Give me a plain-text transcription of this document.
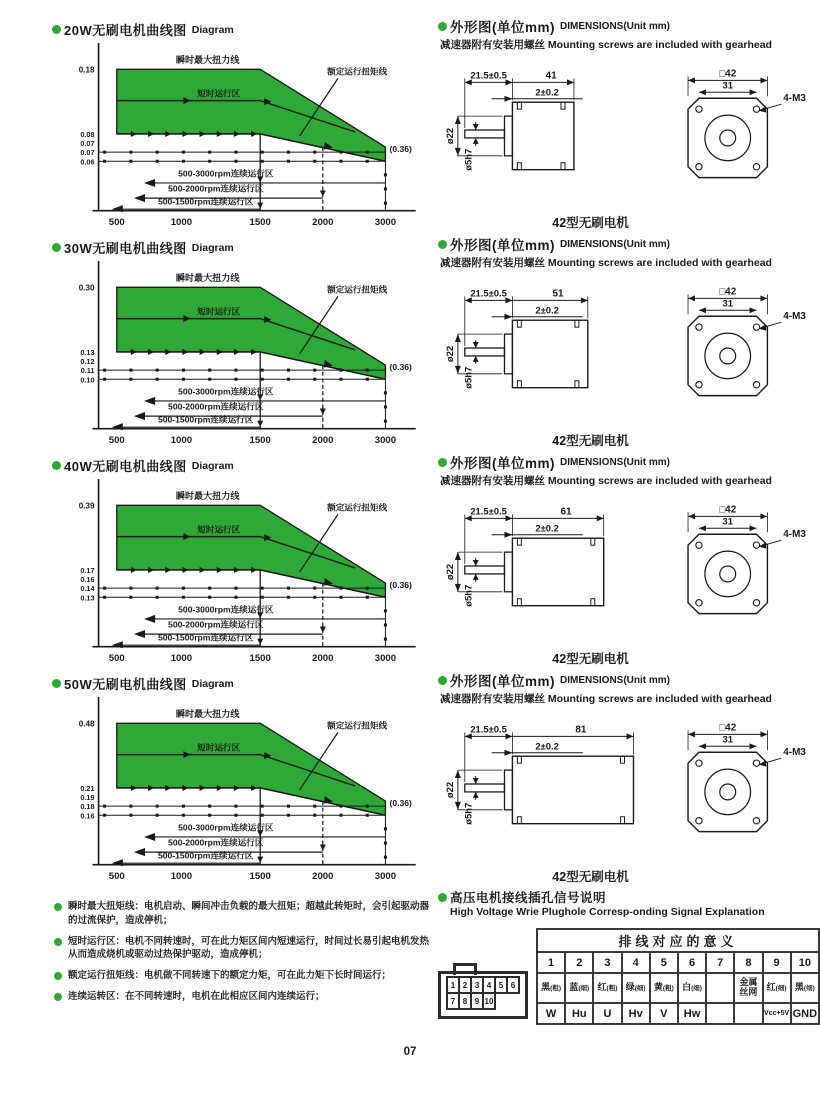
20W无刷电机曲线图 Diagram
瞬时最大扭力线
短时运行区
额定运行扭矩线
(0.36)
500-3000rpm连续运行区
500-2000rpm连续运行区
500-1500rpm连续运行区
0.18
0.08
0.07
0.07
0.06
500	1000	1500	2000	3000
30W无刷电机曲线图 Diagram
瞬时最大扭力线
短时运行区
额定运行扭矩线
(0.36)
500-3000rpm连续运行区
500-2000rpm连续运行区
500-1500rpm连续运行区
0.30
0.13
0.12
0.11
0.10
500	1000	1500	2000	3000
40W无刷电机曲线图 Diagram
瞬时最大扭力线
短时运行区
额定运行扭矩线
(0.36)
500-3000rpm连续运行区
500-2000rpm连续运行区
500-1500rpm连续运行区
0.39
0.17
0.16
0.14
0.13
500	1000	1500	2000	3000
50W无刷电机曲线图 Diagram
瞬时最大扭力线
短时运行区
额定运行扭矩线
(0.36)
500-3000rpm连续运行区
500-2000rpm连续运行区
500-1500rpm连续运行区
0.48
0.21
0.19
0.18
0.16
500	1000	1500	2000	3000
瞬时最大扭矩线：电机启动、瞬间冲击负载的最大扭矩；超越此转矩时，会引起驱动器的过流保护，造成停机；
短时运行区：电机不同转速时，可在此力矩区间内短速运行，时间过长易引起电机发热从而造成烧机或驱动过热保护驱动，造成停机；
额定运行扭矩线：电机做不同转速下的额定力矩，可在此力矩下长时间运行；
连续运转区：在不同转速时，电机在此相应区间内连续运行；
外形图(单位mm) DIMENSIONS(Unit mm)
减速器附有安装用螺丝 Mounting screws are included with gearhead
21.5±0.5	41
2±0.2
ø22
ø5h7
□42
31
4-M3
42型无刷电机
外形图(单位mm) DIMENSIONS(Unit mm)
减速器附有安装用螺丝 Mounting screws are included with gearhead
21.5±0.5	51
2±0.2
ø22
ø5h7
□42
31
4-M3
42型无刷电机
外形图(单位mm) DIMENSIONS(Unit mm)
减速器附有安装用螺丝 Mounting screws are included with gearhead
21.5±0.5	61
2±0.2
ø22
ø5h7
□42
31
4-M3
42型无刷电机
外形图(单位mm) DIMENSIONS(Unit mm)
减速器附有安装用螺丝 Mounting screws are included with gearhead
21.5±0.5	81
2±0.2
ø22
ø5h7
□42
31
4-M3
42型无刷电机
高压电机接线插孔信号说明
High Voltage Wrie Plughole Corresp-onding Signal Explanation
1 2 3 4 5 6
7 8 9 10
排线对应的意义									
1	2	3	4	5	6	7	8	9	10
黑(粗)	蓝(细)	红(粗)	绿(细)	黄(粗)	白(细)		金属丝网	红(细)	黑(细)
W	Hu	U	Hv	V	Hw			Vcc+5V	GND
07
